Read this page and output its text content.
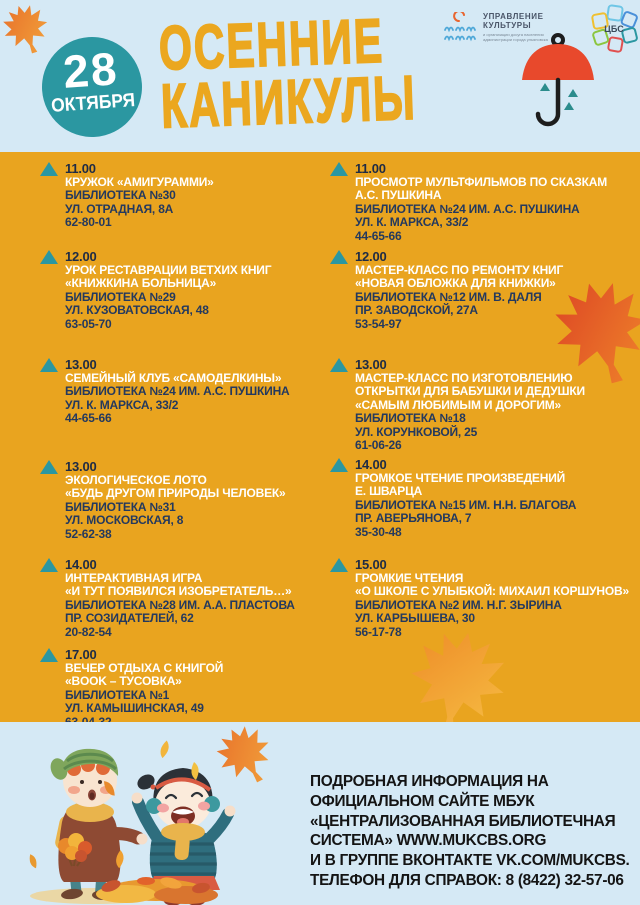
28
ОКТЯБРЯ
ОСЕННИЕ
КАНИКУЛЫ
УПРАВЛЕНИЕ
КУЛЬТУРЫ
и организации досуга населения администрации города ульяновска
ЦБС
11.00
КРУЖОК «АМИГУРАММИ»
БИБЛИОТЕКА №30
УЛ. ОТРАДНАЯ, 8А
62-80-01
12.00
УРОК РЕСТАВРАЦИИ ВЕТХИХ КНИГ
«КНИЖКИНА БОЛЬНИЦА»
БИБЛИОТЕКА №29
УЛ. КУЗОВАТОВСКАЯ, 48
63-05-70
13.00
СЕМЕЙНЫЙ КЛУБ «САМОДЕЛКИНЫ»
БИБЛИОТЕКА №24 ИМ. А.С. ПУШКИНА
УЛ. К. МАРКСА, 33/2
44-65-66
13.00
ЭКОЛОГИЧЕСКОЕ ЛОТО
«БУДЬ ДРУГОМ ПРИРОДЫ ЧЕЛОВЕК»
БИБЛИОТЕКА №31
УЛ. МОСКОВСКАЯ, 8
52-62-38
14.00
ИНТЕРАКТИВНАЯ ИГРА
«И ТУТ ПОЯВИЛСЯ ИЗОБРЕТАТЕЛЬ…»
БИБЛИОТЕКА №28 ИМ. А.А. ПЛАСТОВА
ПР. СОЗИДАТЕЛЕЙ, 62
20-82-54
17.00
ВЕЧЕР ОТДЫХА С КНИГОЙ
«BOOK – ТУСОВКА»
БИБЛИОТЕКА №1
УЛ. КАМЫШИНСКАЯ, 49
11.00
ПРОСМОТР МУЛЬТФИЛЬМОВ ПО СКАЗКАМ
А.С. ПУШКИНА
БИБЛИОТЕКА №24 ИМ. А.С. ПУШКИНА
УЛ. К. МАРКСА, 33/2
44-65-66
12.00
МАСТЕР-КЛАСС ПО РЕМОНТУ КНИГ
«НОВАЯ ОБЛОЖКА ДЛЯ КНИЖКИ»
БИБЛИОТЕКА №12 ИМ. В. ДАЛЯ
ПР. ЗАВОДСКОЙ, 27А
53-54-97
13.00
МАСТЕР-КЛАСС ПО ИЗГОТОВЛЕНИЮ
ОТКРЫТКИ ДЛЯ БАБУШКИ И ДЕДУШКИ
«САМЫМ ЛЮБИМЫМ И ДОРОГИМ»
БИБЛИОТЕКА №18
УЛ. КОРУНКОВОЙ, 25
61-06-26
14.00
ГРОМКОЕ ЧТЕНИЕ ПРОИЗВЕДЕНИЙ
Е. ШВАРЦА
БИБЛИОТЕКА №15 ИМ. Н.Н. БЛАГОВА
ПР. АВЕРЬЯНОВА, 7
35-30-48
15.00
ГРОМКИЕ ЧТЕНИЯ
«О ШКОЛЕ С УЛЫБКОЙ: МИХАИЛ КОРШУНОВ»
БИБЛИОТЕКА №2 ИМ. Н.Г. ЗЫРИНА
УЛ. КАРБЫШЕВА, 30
56-17-78
ПОДРОБНАЯ ИНФОРМАЦИЯ НА
ОФИЦИАЛЬНОМ САЙТЕ МБУК
«ЦЕНТРАЛИЗОВАННАЯ БИБЛИОТЕЧНАЯ
СИСТЕМА» WWW.MUKCBS.ORG
И В ГРУППЕ ВКОНТАКТЕ VK.COM/MUKCBS.
ТЕЛЕФОН ДЛЯ СПРАВОК: 8 (8422) 32-57-06
